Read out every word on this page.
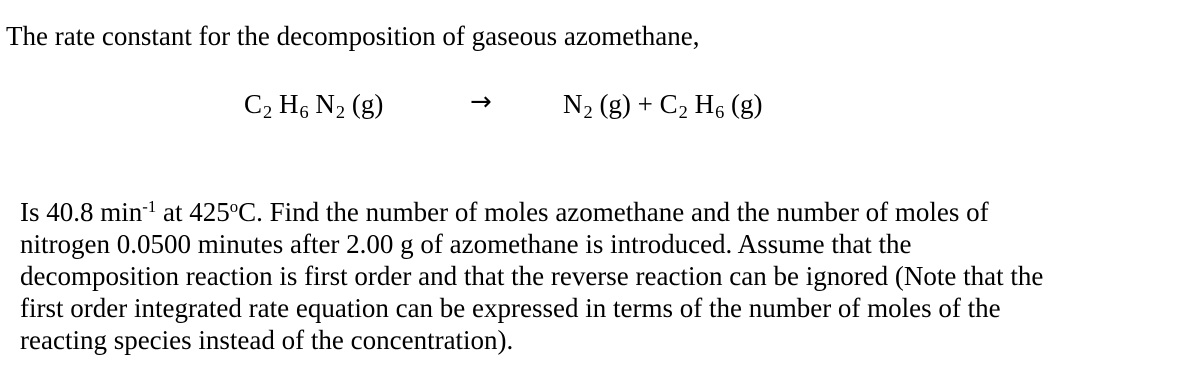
The rate constant for the decomposition of gaseous azomethane,
$C_2$ $H_6$ $N_2$ (g)	→	$N_2$ $(g) + C_2$ $H_6$ (g)
Is 40.8 $\min^{-1}$ at 425$^o$C. Find the number of moles azomethane and the number of moles of
nitrogen 0.0500 minutes after 2.00 g of azomethane is introduced. Assume that the
decomposition reaction is first order and that the reverse reaction can be ignored (Note that the
first order integrated rate equation can be expressed in terms of the number of moles of the
reacting species instead of the concentration).
